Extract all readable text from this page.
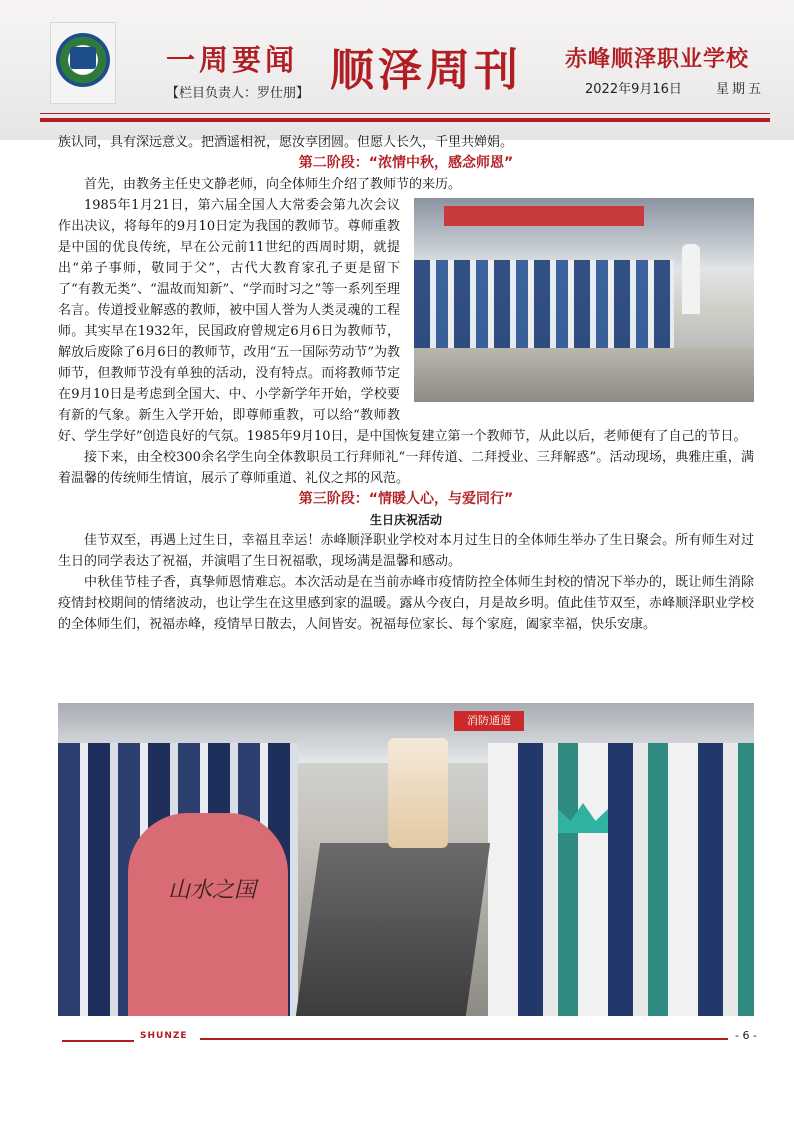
一周要闻
【栏目负责人：罗仕朋】 顺泽周刊 赤峰顺泽职业学校
2022年9月16日	星期五

族认同，具有深远意义。把酒遥相祝，愿汝享团圆。但愿人长久，千里共婵娟。

第二阶段：“浓情中秋，感念师恩”

首先，由教务主任史文静老师，向全体师生介绍了教师节的来历。

1985年1月21日，第六届全国人大常委会第九次会议作出决议，将每年的9月10日定为我国的教师节。尊师重教是中国的优良传统，早在公元前11世纪的西周时期，就提出“弟子事师，敬同于父”，古代大教育家孔子更是留下了“有教无类”、“温故而知新”、“学而时习之”等一系列至理名言。传道授业解惑的教师，被中国人誉为人类灵魂的工程师。其实早在1932年，民国政府曾规定6月6日为教师节，解放后废除了6月6日的教师节，改用“五一国际劳动节”为教师节，但教师节没有单独的活动，没有特点。而将教师节定在9月10日是考虑到全国大、中、小学新学年开始，学校要有新的气象。新生入学开始，即尊师重教，可以给“教师教好、学生学好”创造良好的气氛。1985年9月10日，是中国恢复建立第一个教师节，从此以后，老师便有了自己的节日。

接下来，由全校300余名学生向全体教职员工行拜师礼“一拜传道、二拜授业、三拜解惑”。活动现场，典雅庄重，满着温馨的传统师生情谊，展示了尊师重道、礼仪之邦的风范。

第三阶段：“情暖人心，与爱同行”
生日庆祝活动

佳节双至，再遇上过生日，幸福且幸运！赤峰顺泽职业学校对本月过生日的全体师生举办了生日聚会。所有师生对过生日的同学表达了祝福，并演唱了生日祝福歌，现场满是温馨和感动。

中秋佳节桂子香，真挚师恩情难忘。本次活动是在当前赤峰市疫情防控全体师生封校的情况下举办的，既让师生消除疫情封校期间的情绪波动，也让学生在这里感到家的温暖。露从今夜白，月是故乡明。值此佳节双至，赤峰顺泽职业学校的全体师生们，祝福赤峰，疫情早日散去，人间皆安。祝福每位家长、每个家庭，阖家幸福，快乐安康。

消防通道
山水之国
SHUNZE	- 6 -
